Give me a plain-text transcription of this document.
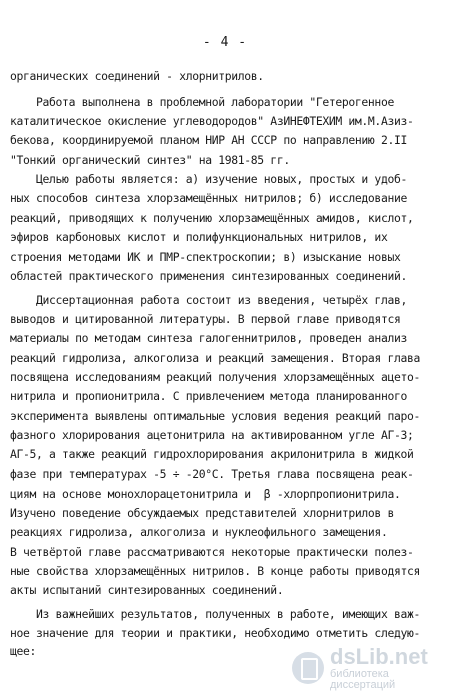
- 4 -
органических соединений - хлорнитрилов.
Работа выполнена в проблемной лаборатории "Гетерогенное
каталитическое окисление углеводородов" АзИНЕФТЕХИМ им.М.Азиз-
бекова, координируемой планом НИР АН СССР по направлению 2.II
"Тонкий органический синтез" на 1981-85 гг.
Целью работы является: а) изучение новых, простых и удоб-
ных способов синтеза хлорзамещённых нитрилов; б) исследование
реакций, приводящих к получению хлорзамещённых амидов, кислот,
эфиров карбоновых кислот и полифункциональных нитрилов, их
строения методами ИК и ПМР-спектроскопии; в) изыскание новых
областей практического применения синтезированных соединений.
Диссертационная работа состоит из введения, четырёх глав,
выводов и цитированной литературы. В первой главе приводятся
материалы по методам синтеза галогеннитрилов, проведен анализ
реакций гидролиза, алкоголиза и реакций замещения. Вторая глава
посвящена исследованиям реакций получения хлорзамещённых ацето-
нитрила и пропионитрила. С привлечением метода планированного
эксперимента выявлены оптимальные условия ведения реакций паро-
фазного хлорирования ацетонитрила на активированном угле АГ-3;
АГ-5, а также реакций гидрохлорирования акрилонитрила в жидкой
фазе при температурах -5 ÷ -20°С. Третья глава посвящена реак-
циям на основе монохлорацетонитрила и  β -хлорпропионитрила.
Изучено поведение обсуждаемых представителей хлорнитрилов в
реакциях гидролиза, алкоголиза и нуклеофильного замещения.
В четвёртой главе рассматриваются некоторые практически полез-
ные свойства хлорзамещённых нитрилов. В конце работы приводятся
акты испытаний синтезированных соединений.
Из важнейших результатов, полученных в работе, имеющих важ-
ное значение для теории и практики, необходимо отметить следую-
щее:	dsLib.net
библиотека диссертаций
